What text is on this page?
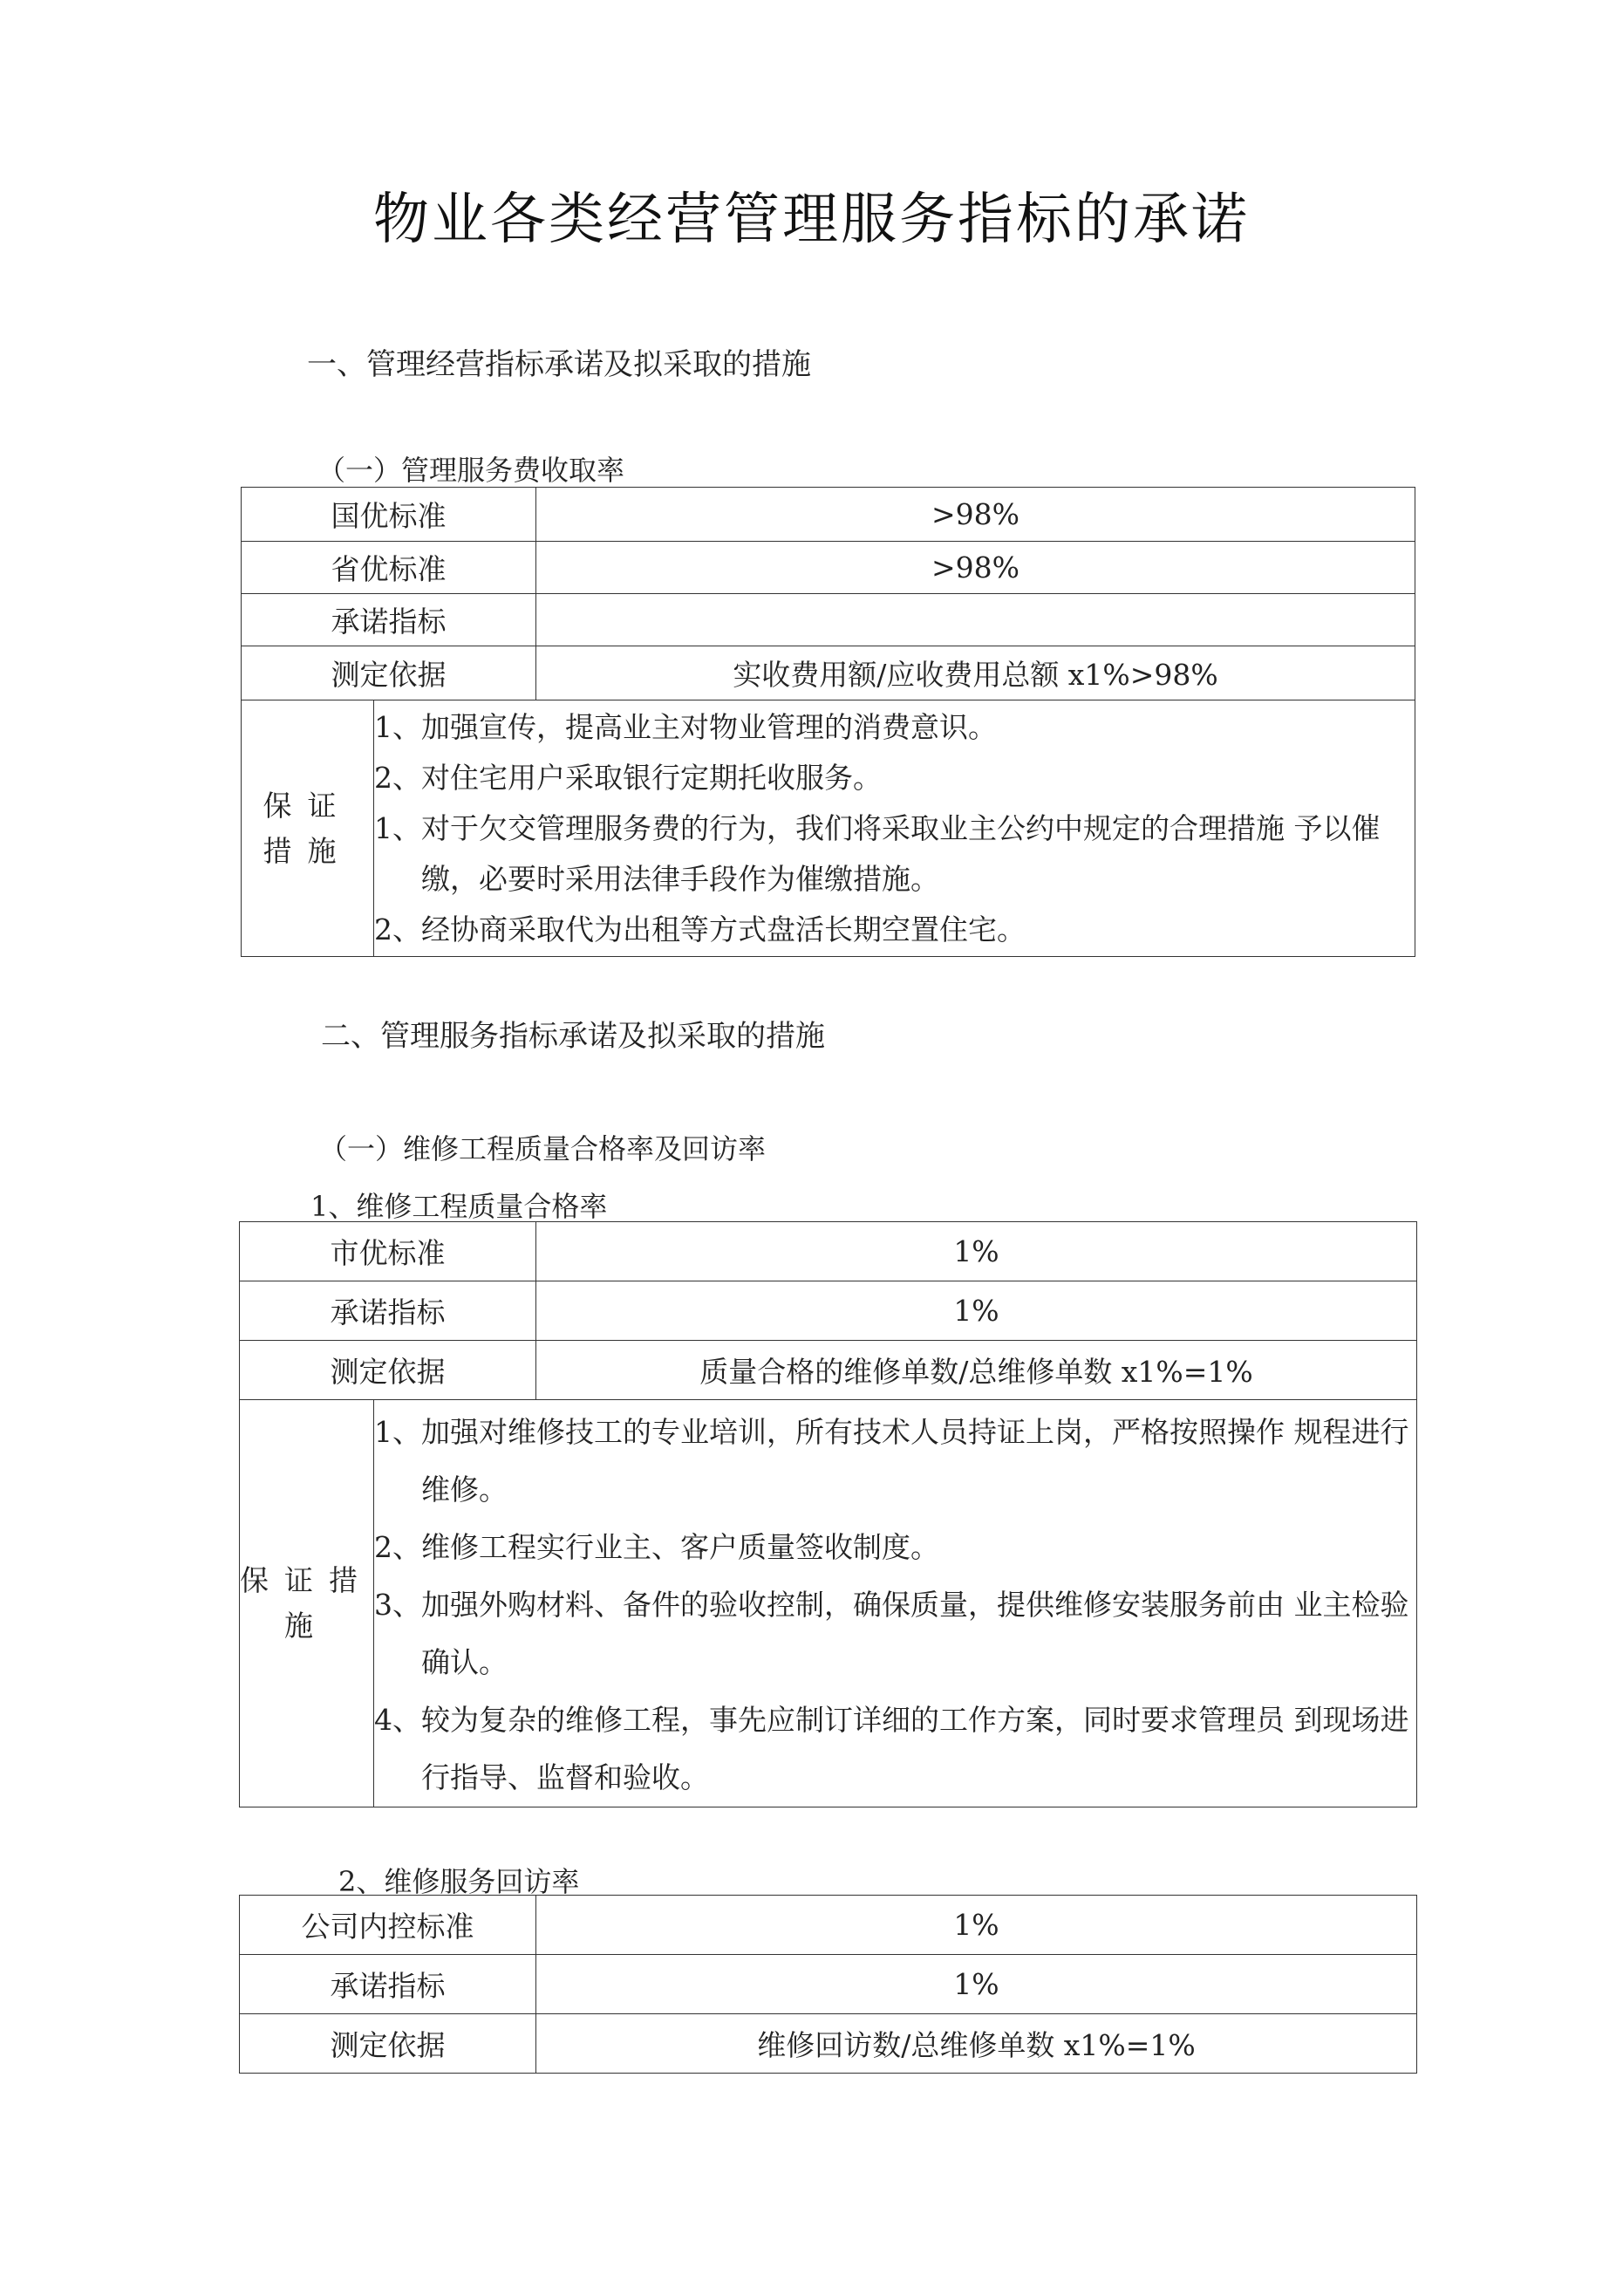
物业各类经营管理服务指标的承诺
一、管理经营指标承诺及拟采取的措施
（一）管理服务费收取率
国优标准		>98%
省优标准		>98%
承诺指标		
测定依据		实收费用额/应收费用总额 x1%>98%
保证措施	1、加强宣传，提高业主对物业管理的消费意识。
2、对住宅用户采取银行定期托收服务。
1、对于欠交管理服务费的行为，我们将采取业主公约中规定的合理措施 予以催缴，必要时采用法律手段作为催缴措施。
2、经协商采取代为出租等方式盘活长期空置住宅。	
二、管理服务指标承诺及拟采取的措施
（一）维修工程质量合格率及回访率
1、维修工程质量合格率
市优标准		1%
承诺指标		1%
测定依据		质量合格的维修单数/总维修单数 x1%=1%
保证措施	1、加强对维修技工的专业培训，所有技术人员持证上岗，严格按照操作 规程进行维修。
2、维修工程实行业主、客户质量签收制度。
3、加强外购材料、备件的验收控制，确保质量，提供维修安装服务前由 业主检验确认。
4、较为复杂的维修工程，事先应制订详细的工作方案，同时要求管理员 到现场进行指导、监督和验收。	
2、维修服务回访率
公司内控标准	1%
承诺指标	1%
测定依据	维修回访数/总维修单数 x1%=1%
